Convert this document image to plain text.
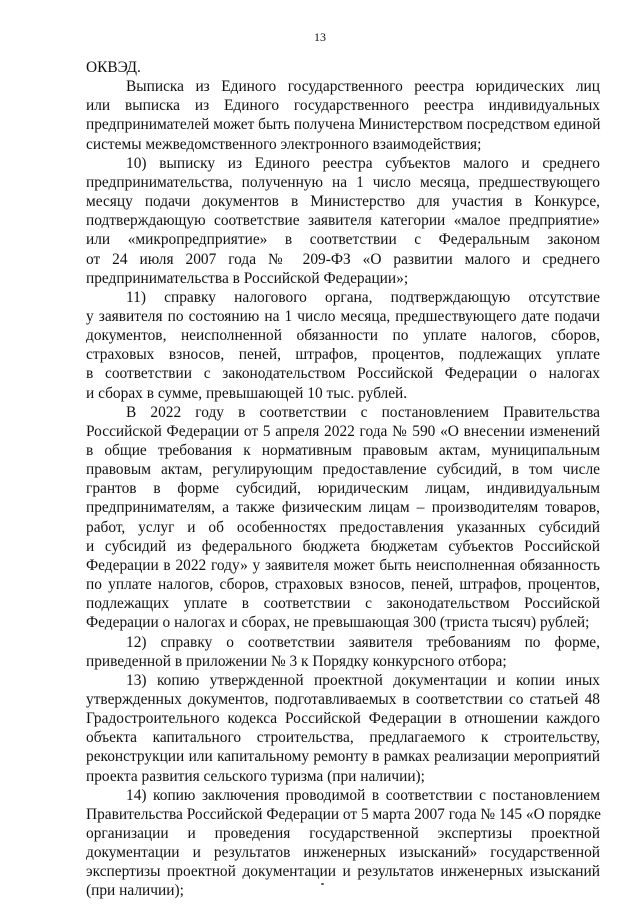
13
ОКВЭД.
Выписка из Единого государственного реестра юридических лиц
или выписка из Единого государственного реестра индивидуальных
предпринимателей может быть получена Министерством посредством единой
системы межведомственного электронного взаимодействия;
10) выписку из Единого реестра субъектов малого и среднего
предпринимательства, полученную на 1 число месяца, предшествующего
месяцу подачи документов в Министерство для участия в Конкурсе,
подтверждающую соответствие заявителя категории «малое предприятие»
или «микропредприятие» в соответствии с Федеральным законом
от 24 июля 2007 года № 209-ФЗ «О развитии малого и среднего
предпринимательства в Российской Федерации»;
11) справку налогового органа, подтверждающую отсутствие
у заявителя по состоянию на 1 число месяца, предшествующего дате подачи
документов, неисполненной обязанности по уплате налогов, сборов,
страховых взносов, пеней, штрафов, процентов, подлежащих уплате
в соответствии с законодательством Российской Федерации о налогах
и сборах в сумме, превышающей 10 тыс. рублей.
В 2022 году в соответствии с постановлением Правительства
Российской Федерации от 5 апреля 2022 года № 590 «О внесении изменений
в общие требования к нормативным правовым актам, муниципальным
правовым актам, регулирующим предоставление субсидий, в том числе
грантов в форме субсидий, юридическим лицам, индивидуальным
предпринимателям, а также физическим лицам – производителям товаров,
работ, услуг и об особенностях предоставления указанных субсидий
и субсидий из федерального бюджета бюджетам субъектов Российской
Федерации в 2022 году» у заявителя может быть неисполненная обязанность
по уплате налогов, сборов, страховых взносов, пеней, штрафов, процентов,
подлежащих уплате в соответствии с законодательством Российской
Федерации о налогах и сборах, не превышающая 300 (триста тысяч) рублей;
12) справку о соответствии заявителя требованиям по форме,
приведенной в приложении № 3 к Порядку конкурсного отбора;
13) копию утвержденной проектной документации и копии иных
утвержденных документов, подготавливаемых в соответствии со статьей 48
Градостроительного кодекса Российской Федерации в отношении каждого
объекта капитального строительства, предлагаемого к строительству,
реконструкции или капитальному ремонту в рамках реализации мероприятий
проекта развития сельского туризма (при наличии);
14) копию заключения проводимой в соответствии с постановлением
Правительства Российской Федерации от 5 марта 2007 года № 145 «О порядке
организации и проведения государственной экспертизы проектной
документации и результатов инженерных изысканий» государственной
экспертизы проектной документации и результатов инженерных изысканий
(при наличии);
